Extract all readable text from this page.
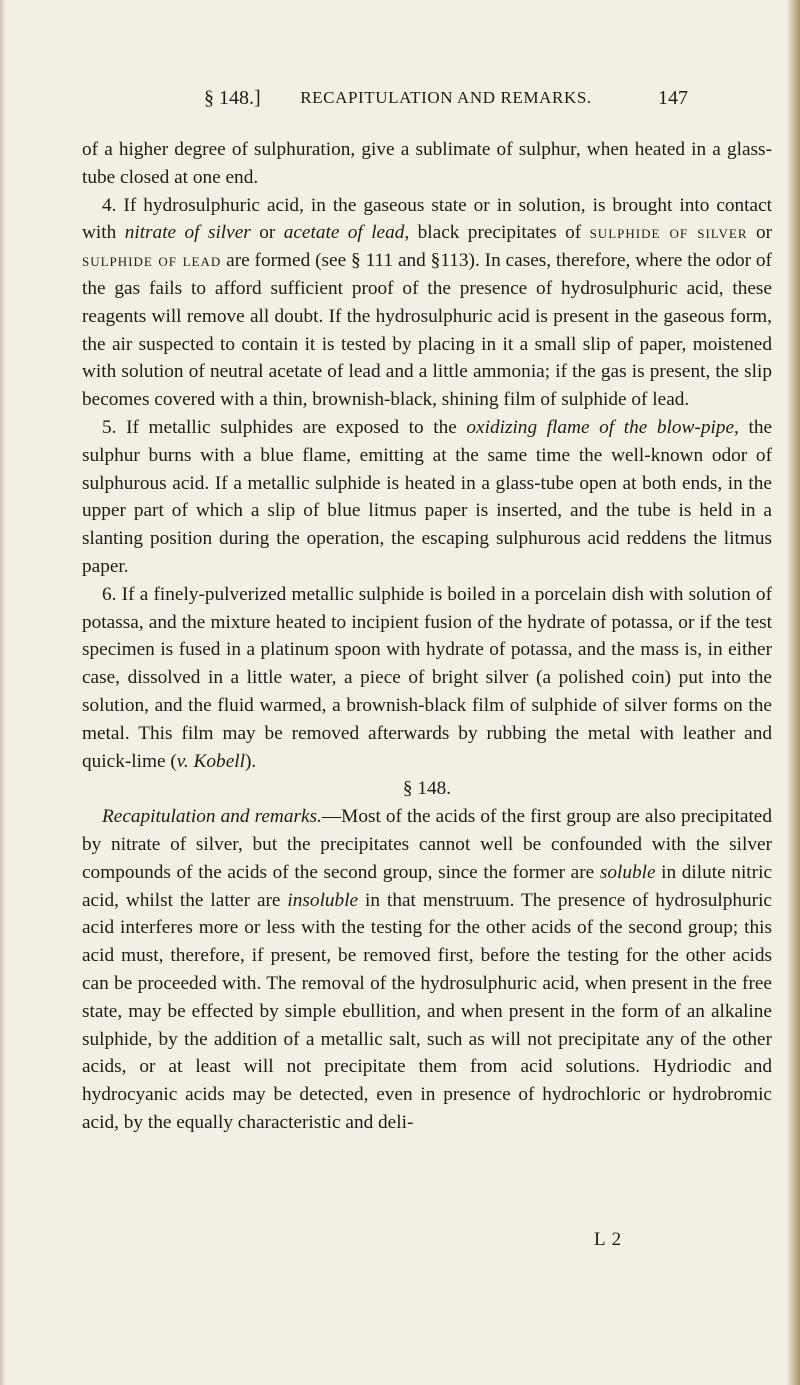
§ 148.]	RECAPITULATION AND REMARKS.	147

of a higher degree of sulphuration, give a sublimate of sulphur, when heated in a glass-tube closed at one end.

4. If hydrosulphuric acid, in the gaseous state or in solution, is brought into contact with nitrate of silver or acetate of lead, black precipitates of sulphide of silver or sulphide of lead are formed (see § 111 and §113). In cases, therefore, where the odor of the gas fails to afford sufficient proof of the presence of hydrosulphuric acid, these reagents will remove all doubt. If the hydrosulphuric acid is present in the gaseous form, the air suspected to contain it is tested by placing in it a small slip of paper, moistened with solution of neutral acetate of lead and a little ammonia; if the gas is present, the slip becomes covered with a thin, brownish-black, shining film of sulphide of lead.

5. If metallic sulphides are exposed to the oxidizing flame of the blow-pipe, the sulphur burns with a blue flame, emitting at the same time the well-known odor of sulphurous acid. If a metallic sulphide is heated in a glass-tube open at both ends, in the upper part of which a slip of blue litmus paper is inserted, and the tube is held in a slanting position during the operation, the escaping sulphurous acid reddens the litmus paper.

6. If a finely-pulverized metallic sulphide is boiled in a porcelain dish with solution of potassa, and the mixture heated to incipient fusion of the hydrate of potassa, or if the test specimen is fused in a platinum spoon with hydrate of potassa, and the mass is, in either case, dissolved in a little water, a piece of bright silver (a polished coin) put into the solution, and the fluid warmed, a brownish-black film of sulphide of silver forms on the metal. This film may be removed afterwards by rubbing the metal with leather and quick-lime (v. Kobell).

§ 148.

Recapitulation and remarks.—Most of the acids of the first group are also precipitated by nitrate of silver, but the precipitates cannot well be confounded with the silver compounds of the acids of the second group, since the former are soluble in dilute nitric acid, whilst the latter are insoluble in that menstruum. The presence of hydrosulphuric acid interferes more or less with the testing for the other acids of the second group; this acid must, therefore, if present, be removed first, before the testing for the other acids can be proceeded with. The removal of the hydrosulphuric acid, when present in the free state, may be effected by simple ebullition, and when present in the form of an alkaline sulphide, by the addition of a metallic salt, such as will not precipitate any of the other acids, or at least will not precipitate them from acid solutions. Hydriodic and hydrocyanic acids may be detected, even in presence of hydrochloric or hydrobromic acid, by the equally characteristic and deli-

L 2
